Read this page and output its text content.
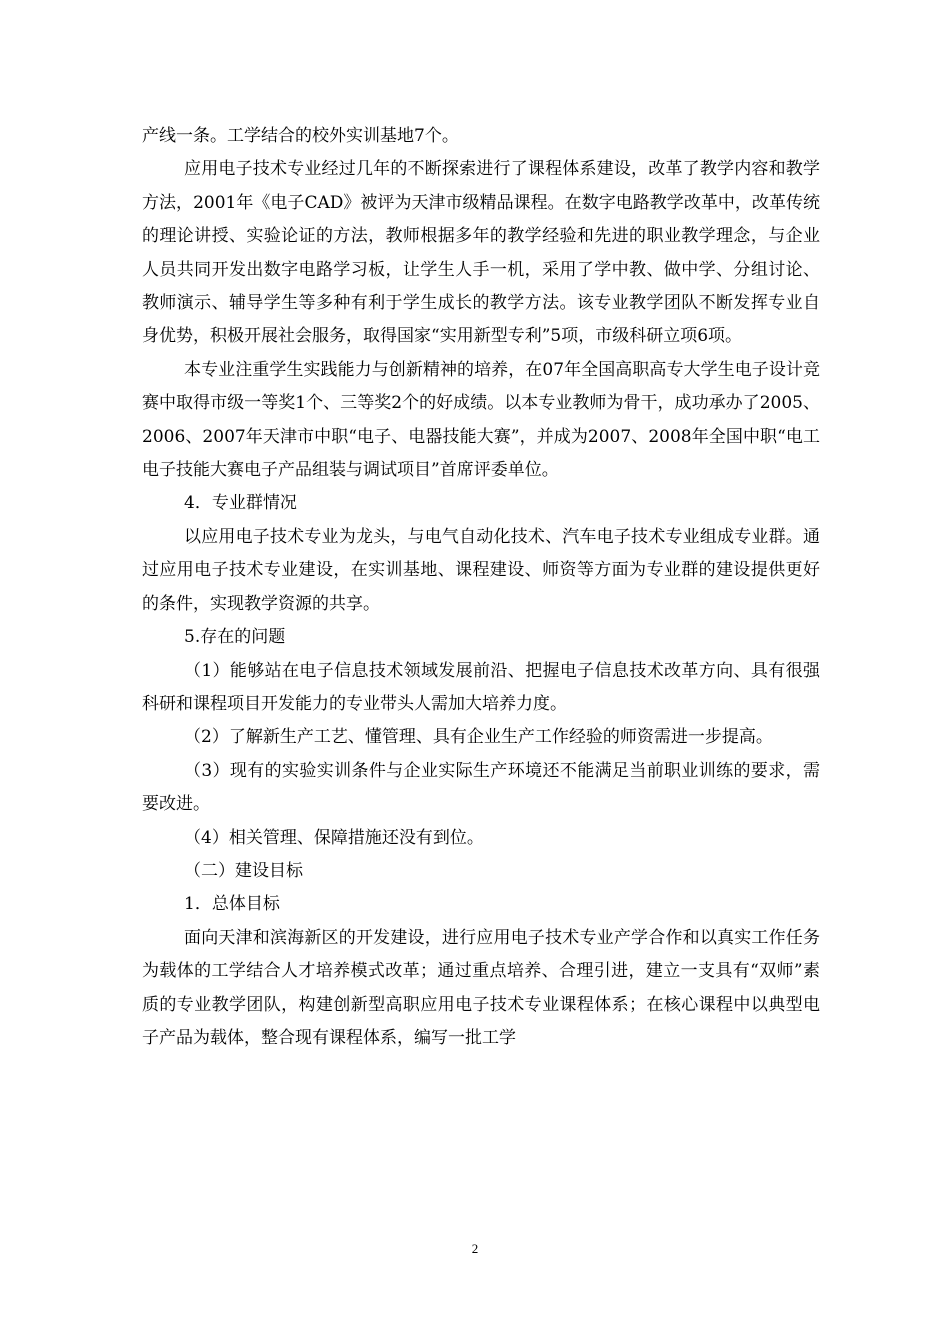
产线一条。工学结合的校外实训基地7个。

应用电子技术专业经过几年的不断探索进行了课程体系建设，改革了教学内容和教学方法，2001年《电子CAD》被评为天津市级精品课程。在数字电路教学改革中，改革传统的理论讲授、实验论证的方法，教师根据多年的教学经验和先进的职业教学理念，与企业人员共同开发出数字电路学习板，让学生人手一机，采用了学中教、做中学、分组讨论、教师演示、辅导学生等多种有利于学生成长的教学方法。该专业教学团队不断发挥专业自身优势，积极开展社会服务，取得国家“实用新型专利”5项，市级科研立项6项。

本专业注重学生实践能力与创新精神的培养，在07年全国高职高专大学生电子设计竞赛中取得市级一等奖1个、三等奖2个的好成绩。以本专业教师为骨干，成功承办了2005、2006、2007年天津市中职“电子、电器技能大赛”，并成为2007、2008年全国中职“电工电子技能大赛电子产品组装与调试项目”首席评委单位。

4．专业群情况

以应用电子技术专业为龙头，与电气自动化技术、汽车电子技术专业组成专业群。通过应用电子技术专业建设，在实训基地、课程建设、师资等方面为专业群的建设提供更好的条件，实现教学资源的共享。

5.存在的问题

（1）能够站在电子信息技术领域发展前沿、把握电子信息技术改革方向、具有很强科研和课程项目开发能力的专业带头人需加大培养力度。

（2）了解新生产工艺、懂管理、具有企业生产工作经验的师资需进一步提高。

（3）现有的实验实训条件与企业实际生产环境还不能满足当前职业训练的要求，需要改进。

（4）相关管理、保障措施还没有到位。

（二）建设目标

1．总体目标

面向天津和滨海新区的开发建设，进行应用电子技术专业产学合作和以真实工作任务为载体的工学结合人才培养模式改革；通过重点培养、合理引进，建立一支具有“双师”素质的专业教学团队，构建创新型高职应用电子技术专业课程体系；在核心课程中以典型电子产品为载体，整合现有课程体系，编写一批工学

2
